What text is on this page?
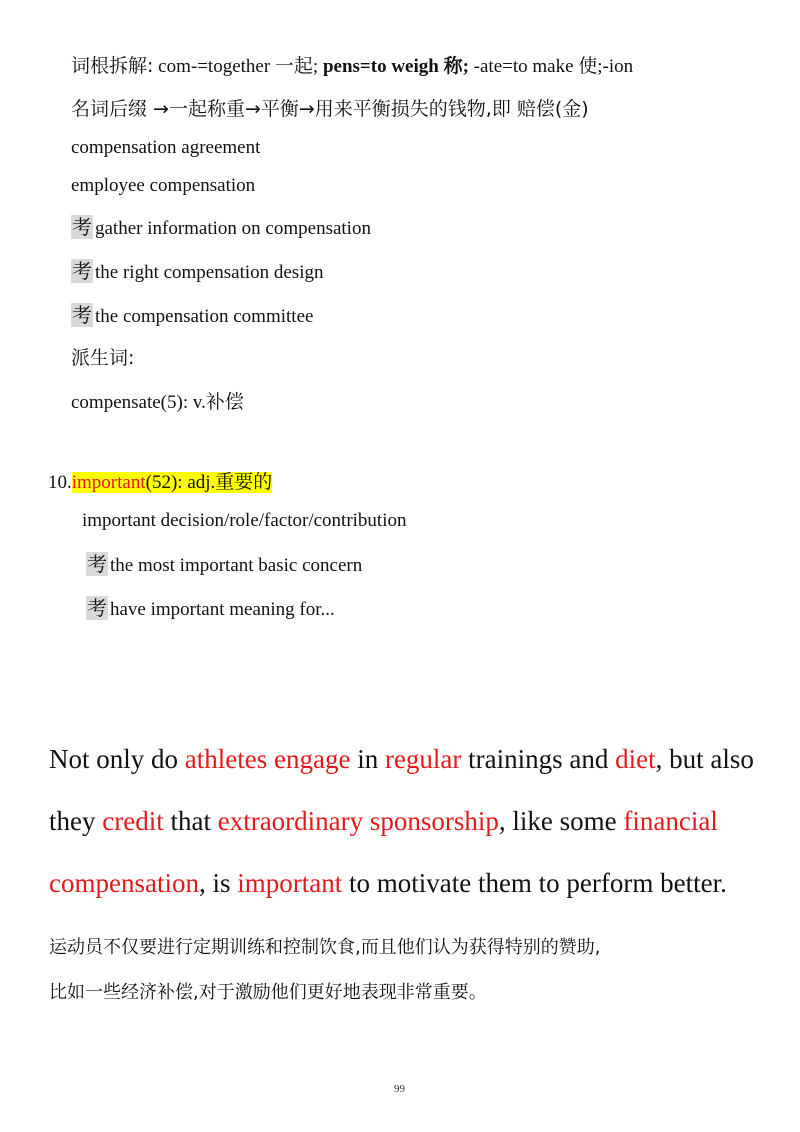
词根拆解: com-=together 一起; pens=to weigh 称; -ate=to make 使;-ion
名词后缀 →一起称重→平衡→用来平衡损失的钱物,即 赔偿(金)
compensation agreement
employee compensation
考 gather information on compensation
考 the right compensation design
考 the compensation committee
派生词:
compensate(5): v.补偿
10.important(52): adj.重要的
important decision/role/factor/contribution
考 the most important basic concern
考 have important meaning for...
Not only do athletes engage in regular trainings and diet, but also
they credit that extraordinary sponsorship, like some financial
compensation, is important to motivate them to perform better.
运动员不仅要进行定期训练和控制饮食,而且他们认为获得特别的赞助,
比如一些经济补偿,对于激励他们更好地表现非常重要。
99
